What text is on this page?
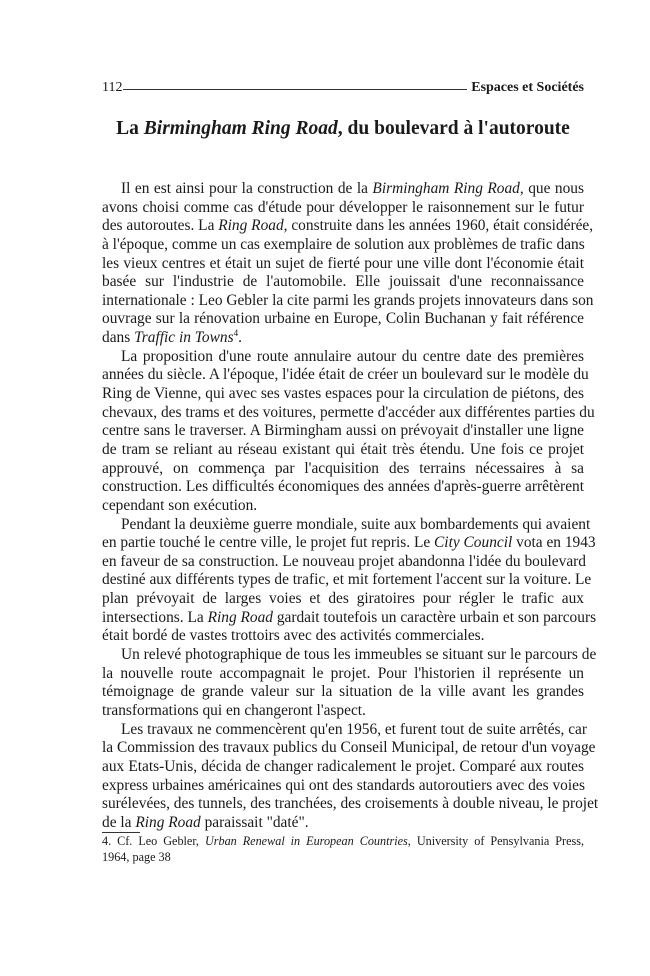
112	Espaces et Sociétés
La Birmingham Ring Road, du boulevard à l'autoroute
Il en est ainsi pour la construction de la Birmingham Ring Road, que nous
avons choisi comme cas d'étude pour développer le raisonnement sur le futur
des autoroutes. La Ring Road, construite dans les années 1960, était considérée,
à l'époque, comme un cas exemplaire de solution aux problèmes de trafic dans
les vieux centres et était un sujet de fierté pour une ville dont l'économie était
basée sur l'industrie de l'automobile. Elle jouissait d'une reconnaissance
internationale : Leo Gebler la cite parmi les grands projets innovateurs dans son
ouvrage sur la rénovation urbaine en Europe, Colin Buchanan y fait référence
dans Traffic in Towns$^4$.
La proposition d'une route annulaire autour du centre date des premières
années du siècle. A l'époque, l'idée était de créer un boulevard sur le modèle du
Ring de Vienne, qui avec ses vastes espaces pour la circulation de piétons, des
chevaux, des trams et des voitures, permette d'accéder aux différentes parties du
centre sans le traverser. A Birmingham aussi on prévoyait d'installer une ligne
de tram se reliant au réseau existant qui était très étendu. Une fois ce projet
approuvé, on commença par l'acquisition des terrains nécessaires à sa
construction. Les difficultés économiques des années d'après-guerre arrêtèrent
cependant son exécution.
Pendant la deuxième guerre mondiale, suite aux bombardements qui avaient
en partie touché le centre ville, le projet fut repris. Le City Council vota en 1943
en faveur de sa construction. Le nouveau projet abandonna l'idée du boulevard
destiné aux différents types de trafic, et mit fortement l'accent sur la voiture. Le
plan prévoyait de larges voies et des giratoires pour régler le trafic aux
intersections. La Ring Road gardait toutefois un caractère urbain et son parcours
était bordé de vastes trottoirs avec des activités commerciales.
Un relevé photographique de tous les immeubles se situant sur le parcours de
la nouvelle route accompagnait le projet. Pour l'historien il représente un
témoignage de grande valeur sur la situation de la ville avant les grandes
transformations qui en changeront l'aspect.
Les travaux ne commencèrent qu'en 1956, et furent tout de suite arrêtés, car
la Commission des travaux publics du Conseil Municipal, de retour d'un voyage
aux Etats-Unis, décida de changer radicalement le projet. Comparé aux routes
express urbaines américaines qui ont des standards autoroutiers avec des voies
surélevées, des tunnels, des tranchées, des croisements à double niveau, le projet
de la Ring Road paraissait "daté".
4. Cf. Leo Gebler, Urban Renewal in European Countries, University of Pensylvania Press,
1964, page 38
